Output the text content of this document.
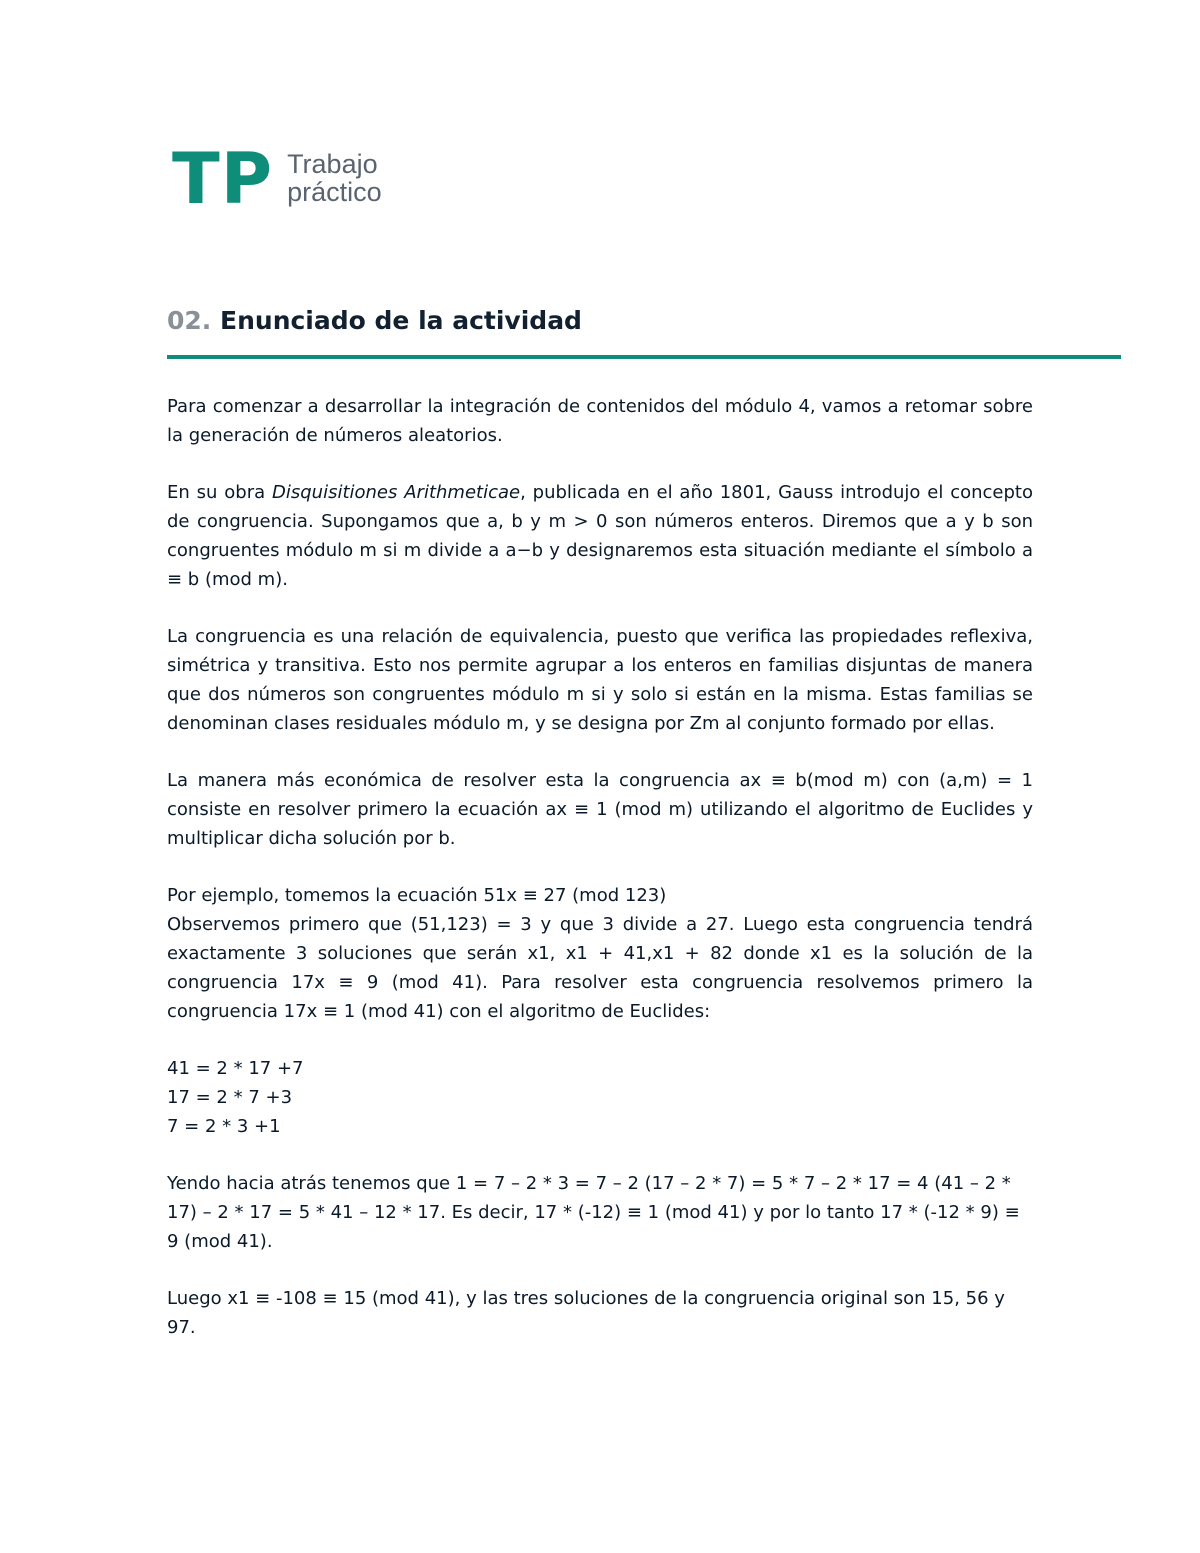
TP Trabajo
práctico
02. Enunciado de la actividad

Para comenzar a desarrollar la integración de contenidos del módulo 4, vamos a retomar sobre la generación de números aleatorios.

En su obra Disquisitiones Arithmeticae, publicada en el año 1801, Gauss introdujo el concepto de congruencia. Supongamos que a, b y m > 0 son números enteros. Diremos que a y b son congruentes módulo m si m divide a a−b y designaremos esta situación mediante el símbolo a ≡ b (mod m).

La congruencia es una relación de equivalencia, puesto que verifica las propiedades reflexiva, simétrica y transitiva. Esto nos permite agrupar a los enteros en familias disjuntas de manera que dos números son congruentes módulo m si y solo si están en la misma. Estas familias se denominan clases residuales módulo m, y se designa por Zm al conjunto formado por ellas.

La manera más económica de resolver esta la congruencia ax ≡ b(mod m) con (a,m) = 1 consiste en resolver primero la ecuación ax ≡ 1 (mod m) utilizando el algoritmo de Euclides y multiplicar dicha solución por b.

Por ejemplo, tomemos la ecuación 51x ≡ 27 (mod 123)
Observemos primero que (51,123) = 3 y que 3 divide a 27. Luego esta congruencia tendrá exactamente 3 soluciones que serán x1, x1 + 41,x1 + 82 donde x1 es la solución de la congruencia 17x ≡ 9 (mod 41). Para resolver esta congruencia resolvemos primero la congruencia 17x ≡ 1 (mod 41) con el algoritmo de Euclides:

41 = 2 * 17 +7
17 = 2 * 7 +3
7 = 2 * 3 +1

Yendo hacia atrás tenemos que 1 = 7 – 2 * 3 = 7 – 2 (17 – 2 * 7) = 5 * 7 – 2 * 17 = 4 (41 – 2 * 17) – 2 * 17 = 5 * 41 – 12 * 17. Es decir, 17 * (-12) ≡ 1 (mod 41) y por lo tanto 17 * (-12 * 9) ≡ 9 (mod 41).

Luego x1 ≡ -108 ≡ 15 (mod 41), y las tres soluciones de la congruencia original son 15, 56 y 97.
